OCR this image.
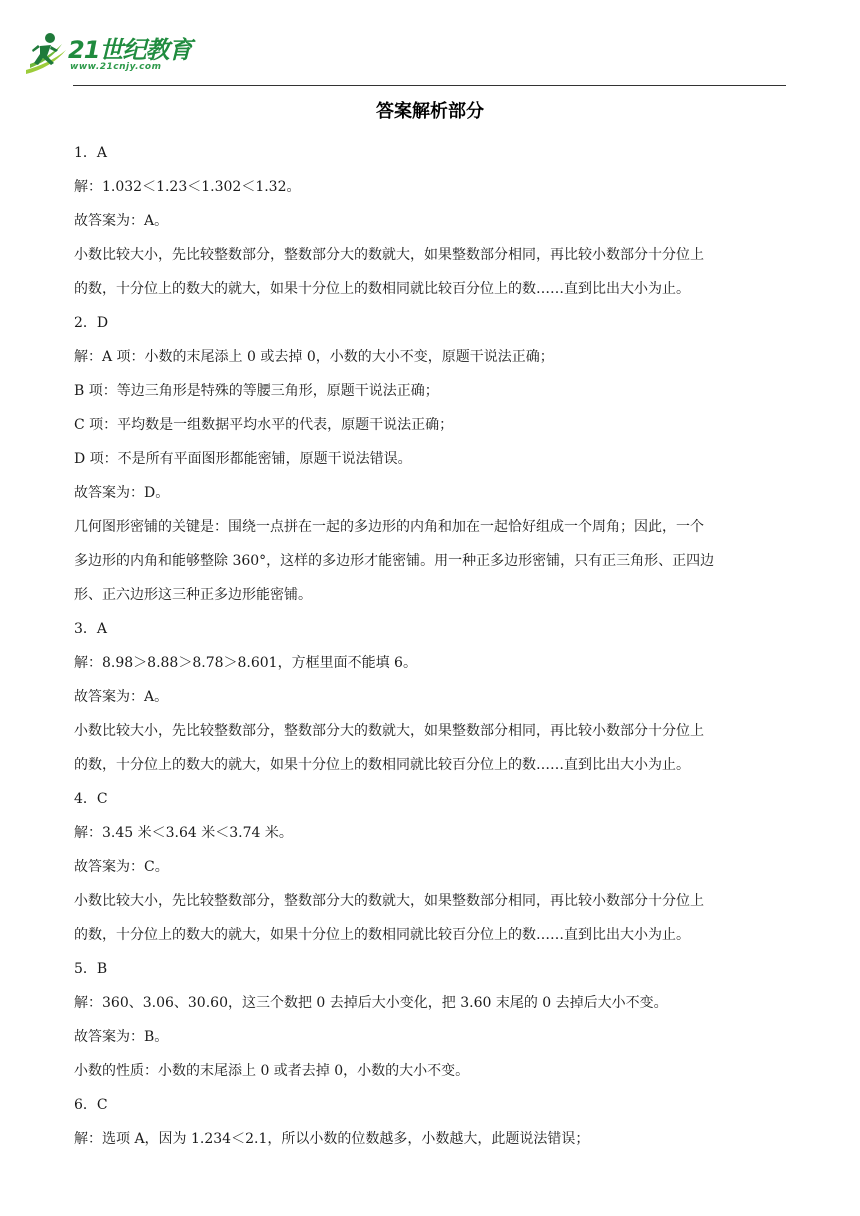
21世纪教育
www.21cnjy.com
答案解析部分
1．A
解：1.032＜1.23＜1.302＜1.32。
故答案为：A。
小数比较大小，先比较整数部分，整数部分大的数就大，如果整数部分相同，再比较小数部分十分位上
的数，十分位上的数大的就大，如果十分位上的数相同就比较百分位上的数……直到比出大小为止。
2．D
解：A 项：小数的末尾添上 0 或去掉 0，小数的大小不变，原题干说法正确；
B 项：等边三角形是特殊的等腰三角形，原题干说法正确；
C 项：平均数是一组数据平均水平的代表，原题干说法正确；
D 项：不是所有平面图形都能密铺，原题干说法错误。
故答案为：D。
几何图形密铺的关键是：围绕一点拼在一起的多边形的内角和加在一起恰好组成一个周角；因此，一个
多边形的内角和能够整除 360°，这样的多边形才能密铺。用一种正多边形密铺，只有正三角形、正四边
形、正六边形这三种正多边形能密铺。
3．A
解：8.98＞8.88＞8.78＞8.601，方框里面不能填 6。
故答案为：A。
小数比较大小，先比较整数部分，整数部分大的数就大，如果整数部分相同，再比较小数部分十分位上
的数，十分位上的数大的就大，如果十分位上的数相同就比较百分位上的数……直到比出大小为止。
4．C
解：3.45 米＜3.64 米＜3.74 米。
故答案为：C。
小数比较大小，先比较整数部分，整数部分大的数就大，如果整数部分相同，再比较小数部分十分位上
的数，十分位上的数大的就大，如果十分位上的数相同就比较百分位上的数……直到比出大小为止。
5．B
解：360、3.06、30.60，这三个数把 0 去掉后大小变化，把 3.60 末尾的 0 去掉后大小不变。
故答案为：B。
小数的性质：小数的末尾添上 0 或者去掉 0，小数的大小不变。
6．C
解：选项 A，因为 1.234＜2.1，所以小数的位数越多，小数越大，此题说法错误；
